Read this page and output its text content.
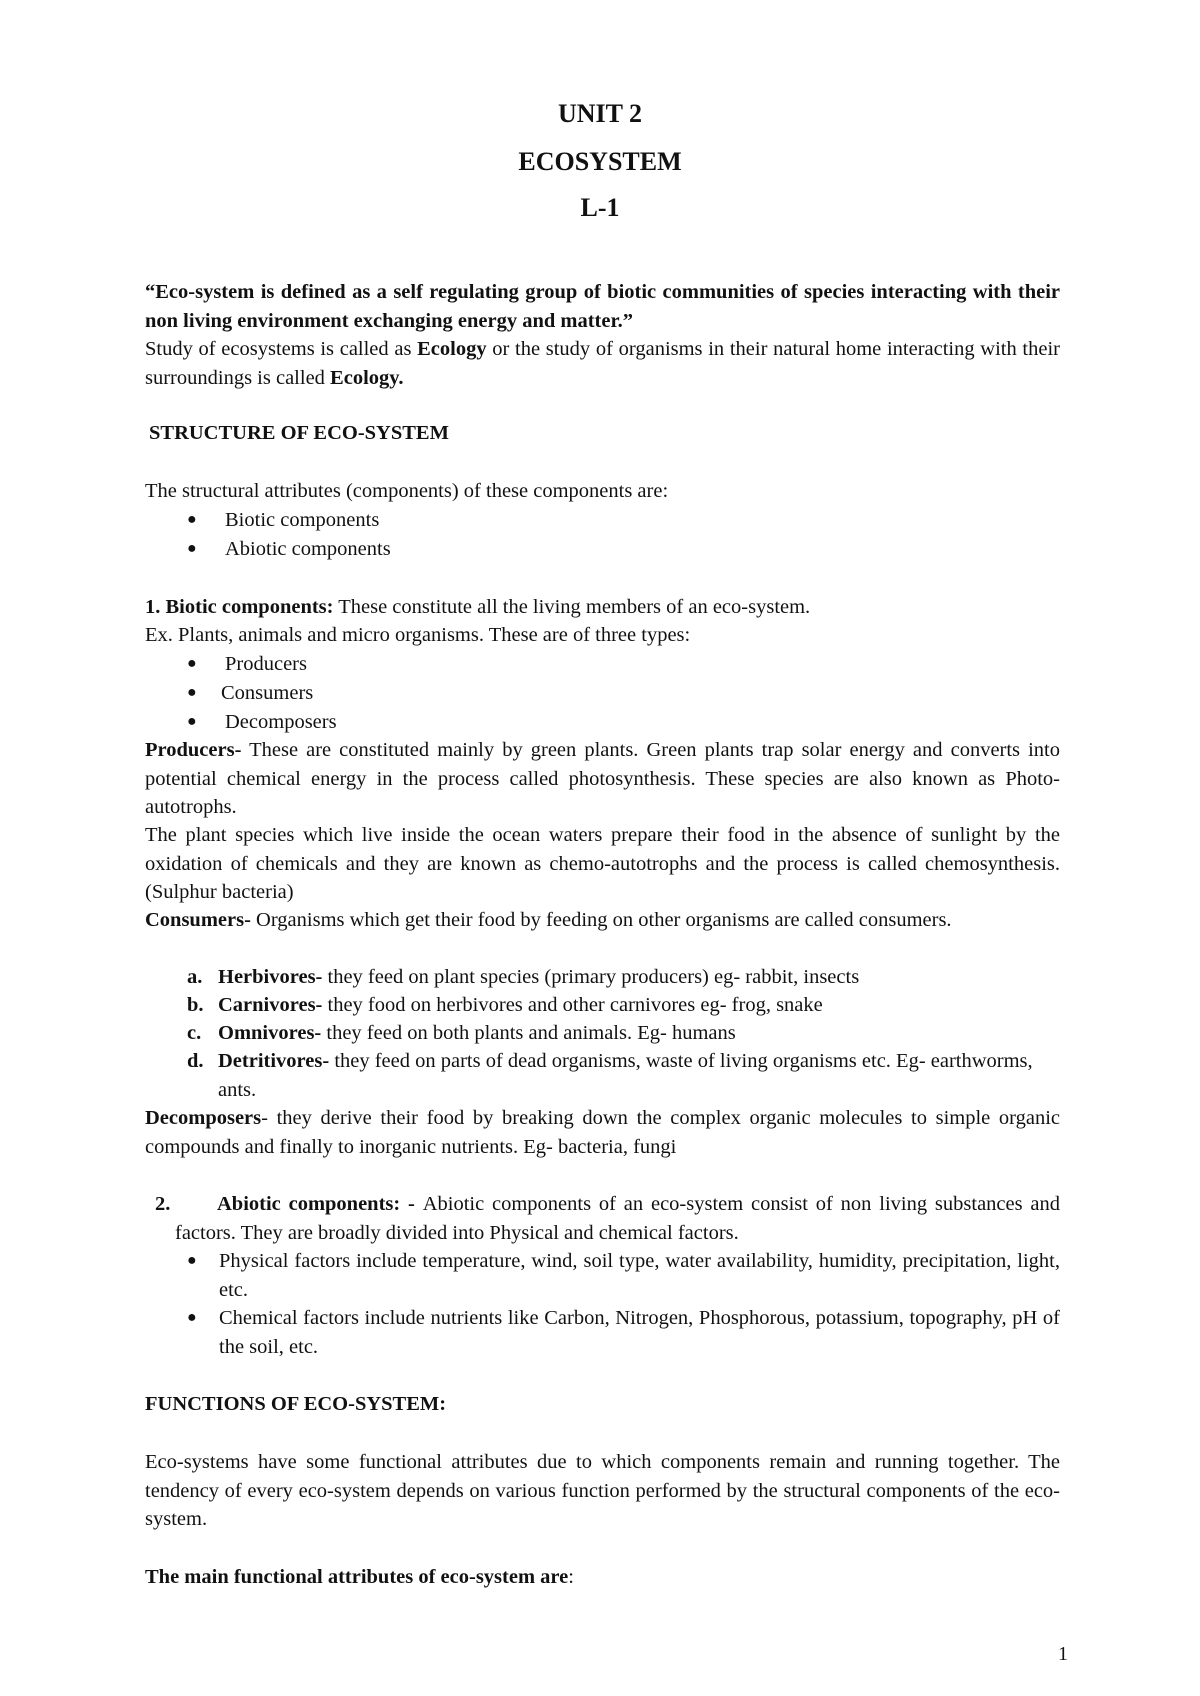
UNIT 2
ECOSYSTEM
L-1
“Eco-system is defined as a self regulating group of biotic communities of species interacting with their non living environment exchanging energy and matter.”
Study of ecosystems is called as Ecology or the study of organisms in their natural home interacting with their surroundings is called Ecology.
STRUCTURE OF ECO-SYSTEM
The structural attributes (components) of these components are:
● Biotic components
● Abiotic components
1. Biotic components: These constitute all the living members of an eco-system.
Ex. Plants, animals and micro organisms. These are of three types:
● Producers
● Consumers
● Decomposers
Producers- These are constituted mainly by green plants. Green plants trap solar energy and converts into potential chemical energy in the process called photosynthesis. These species are also known as Photo- autotrophs.
The plant species which live inside the ocean waters prepare their food in the absence of sunlight by the oxidation of chemicals and they are known as chemo-autotrophs and the process is called chemosynthesis. (Sulphur bacteria)
Consumers- Organisms which get their food by feeding on other organisms are called consumers.
a. Herbivores- they feed on plant species (primary producers) eg- rabbit, insects
b. Carnivores- they food on herbivores and other carnivores eg- frog, snake
c. Omnivores- they feed on both plants and animals. Eg- humans
d. Detritivores- they feed on parts of dead organisms, waste of living organisms etc. Eg- earthworms, ants.
Decomposers- they derive their food by breaking down the complex organic molecules to simple organic compounds and finally to inorganic nutrients. Eg- bacteria, fungi
2.	Abiotic components: - Abiotic components of an eco-system consist of non living substances and factors. They are broadly divided into Physical and chemical factors.
● Physical factors include temperature, wind, soil type, water availability, humidity, precipitation, light, etc.
● Chemical factors include nutrients like Carbon, Nitrogen, Phosphorous, potassium, topography, pH of the soil, etc.
FUNCTIONS OF ECO-SYSTEM:
Eco-systems have some functional attributes due to which components remain and running together. The tendency of every eco-system depends on various function performed by the structural components of the eco-system.
The main functional attributes of eco-system are:
1
